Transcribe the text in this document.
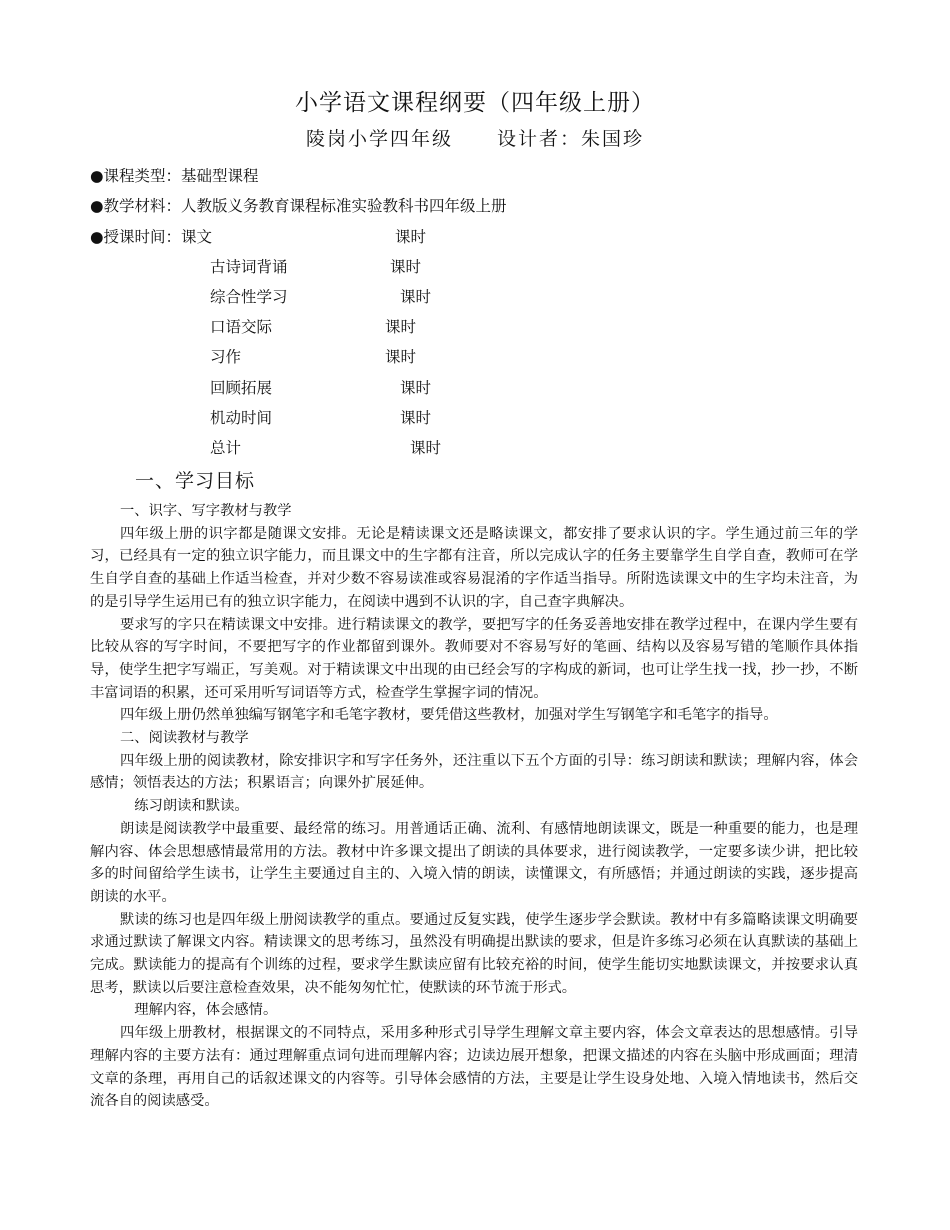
小学语文课程纲要（四年级上册）
陵岗小学四年级 设计者：朱国珍
●￼课程类型：基础型课程￼
●￼教学材料：人教版义务教育课程标准实验教科书四年级上册￼
●￼授课时间：课文	课时
古诗词背诵	课时
综合性学习	课时
口语交际	课时
习作	课时
回顾拓展	课时
机动时间	课时
总计	课时
一、学习目标

一、识字、写字教材与教学￼

四年级上册的识字都是随课文安排。无论是精读课文还是略读课文，都安排了要求认识的字。学生通过前三年的学习，已经具有一定的独立识字能力，而且课文中的生字都有注音，所以完成认字的任务主要靠学生自学自查，教师可在学生自学自查的基础上作适当检查，并对少数不容易读准或容易混淆的字作适当指导。所附选读课文中的生字均未注音，为的是引导学生运用已有的独立识字能力，在阅读中遇到不认识的字，自己查字典解决。￼

要求写的字只在精读课文中安排。进行精读课文的教学，要把写字的任务妥善地安排在教学过程中，在课内学生要有比较从容的写字时间，不要把写字的作业都留到课外。教师要对不容易写好的笔画、结构以及容易写错的笔顺作具体指导，使学生把字写端正，写美观。对于精读课文中出现的由已经会写的字构成的新词，也可让学生找一找，抄一抄，不断丰富词语的积累，还可采用听写词语等方式，检查学生掌握字词的情况。￼

四年级上册仍然单独编写钢笔字和毛笔字教材，要凭借这些教材，加强对学生写钢笔字和毛笔字的指导。￼

二、阅读教材与教学￼

四年级上册的阅读教材，除安排识字和写字任务外，还注重以下五个方面的引导：练习朗读和默读；理解内容，体会感情；领悟表达的方法；积累语言；向课外扩展延伸。￼

￼　练习朗读和默读。￼

朗读是阅读教学中最重要、最经常的练习。用普通话正确、流利、有感情地朗读课文，既是一种重要的能力，也是理解内容、体会思想感情最常用的方法。教材中许多课文提出了朗读的具体要求，进行阅读教学，一定要多读少讲，把比较多的时间留给学生读书，让学生主要通过自主的、入境入情的朗读，读懂课文，有所感悟；并通过朗读的实践，逐步提高朗读的水平。￼

默读的练习也是四年级上册阅读教学的重点。要通过反复实践，使学生逐步学会默读。教材中有多篇略读课文明确要求通过默读了解课文内容。精读课文的思考练习，虽然没有明确提出默读的要求，但是许多练习必须在认真默读的基础上完成。默读能力的提高有个训练的过程，要求学生默读应留有比较充裕的时间，使学生能切实地默读课文，并按要求认真思考，默读以后要注意检查效果，决不能匆匆忙忙，使默读的环节流于形式。￼

￼　理解内容，体会感情。￼

四年级上册教材，根据课文的不同特点，采用多种形式引导学生理解文章主要内容，体会文章表达的思想感情。引导理解内容的主要方法有：通过理解重点词句进而理解内容；边读边展开想象，把课文描述的内容在头脑中形成画面；理清文章的条理，再用自己的话叙述课文的内容等。引导体会感情的方法，主要是让学生设身处地、入境入情地读书，然后交流各自的阅读感受。￼
